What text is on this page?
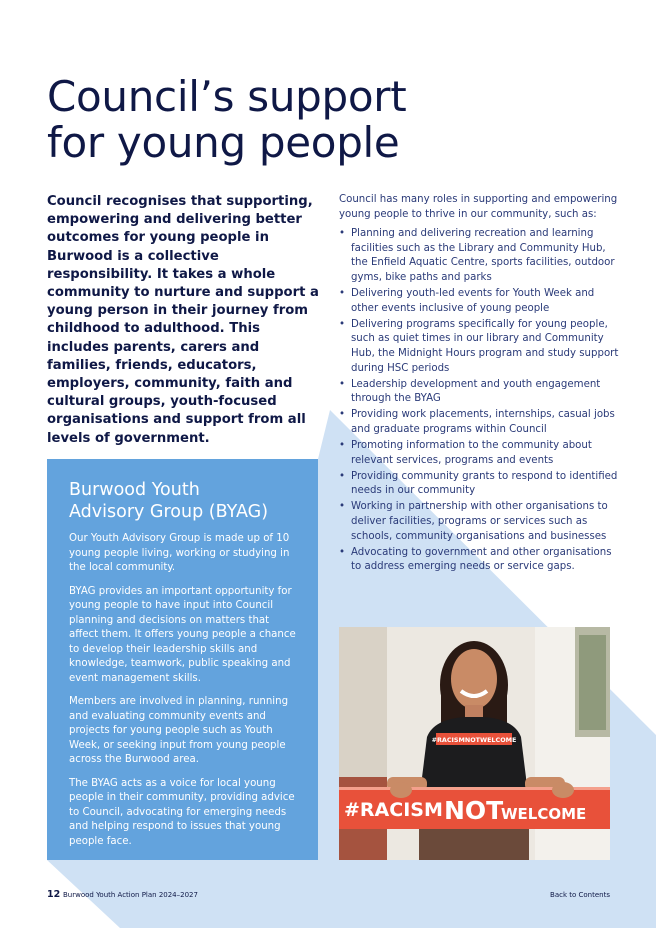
Council’s support
for young people

Council recognises that supporting, empowering and delivering better outcomes for young people in Burwood is a collective responsibility. It takes a whole community to nurture and support a young person in their journey from childhood to adulthood. This includes parents, carers and families, friends, educators, employers, community, faith and cultural groups, youth-focused organisations and support from all levels of government.

Council has many roles in supporting and empowering young people to thrive in our community, such as:

• Planning and delivering recreation and learning facilities such as the Library and Community Hub, the Enfield Aquatic Centre, sports facilities, outdoor gyms, bike paths and parks
• Delivering youth-led events for Youth Week and other events inclusive of young people
• Delivering programs specifically for young people, such as quiet times in our library and Community Hub, the Midnight Hours program and study support during HSC periods
• Leadership development and youth engagement through the BYAG
• Providing work placements, internships, casual jobs and graduate programs within Council
• Promoting information to the community about relevant services, programs and events
• Providing community grants to respond to identified needs in our community
• Working in partnership with other organisations to deliver facilities, programs or services such as schools, community organisations and businesses
• Advocating to government and other organisations to address emerging needs or service gaps.
Burwood Youth
Advisory Group (BYAG)

Our Youth Advisory Group is made up of 10 young people living, working or studying in the local community.

BYAG provides an important opportunity for young people to have input into Council planning and decisions on matters that affect them. It offers young people a chance to develop their leadership skills and knowledge, teamwork, public speaking and event management skills.

Members are involved in planning, running and evaluating community events and projects for young people such as Youth Week, or seeking input from young people across the Burwood area.

The BYAG acts as a voice for local young people in their community, providing advice to Council, advocating for emerging needs and helping respond to issues that young people face.

#RACISMNOTWELCOME
#RACISM NOT
WELCOME
12 Burwood Youth Action Plan 2024–2027	Back to Contents
